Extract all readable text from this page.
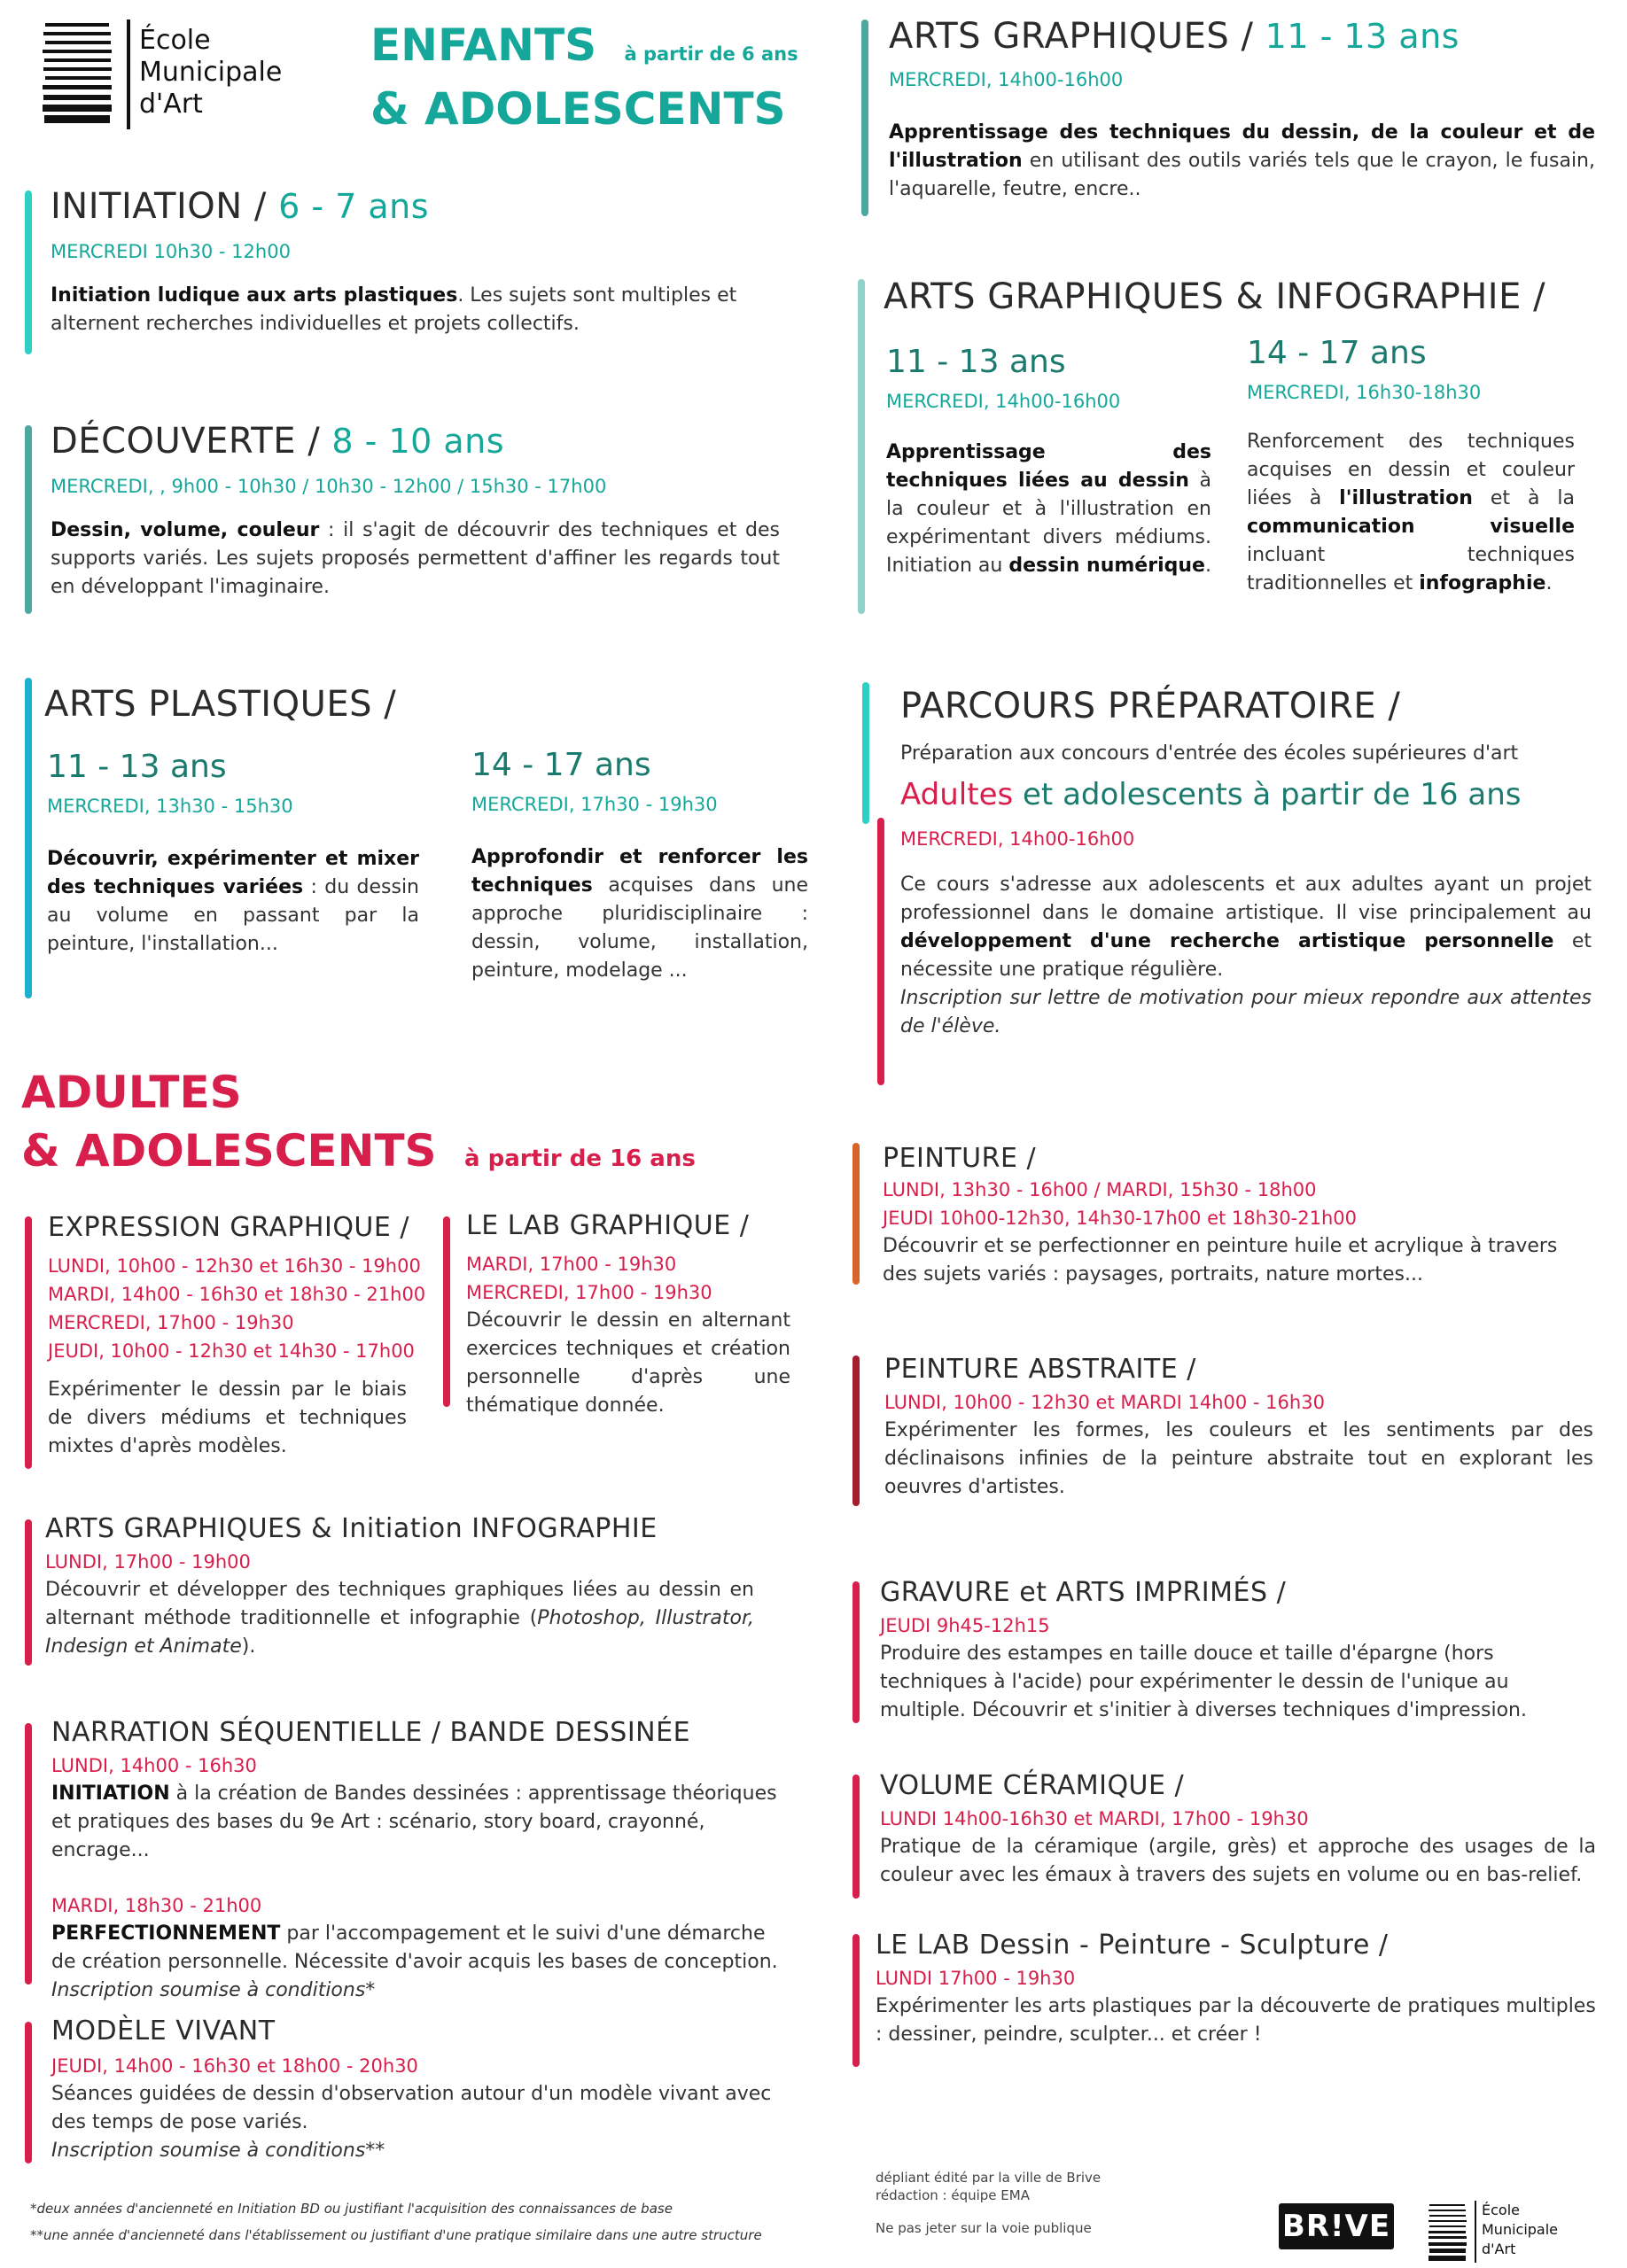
École
Municipale
d'Art
ENFANTS à partir de 6 ans
& ADOLESCENTS
INITIATION / 6 - 7 ans
MERCREDI 10h30 - 12h00
Initiation ludique aux arts plastiques. Les sujets sont multiples et alternent recherches individuelles et projets collectifs.
DÉCOUVERTE / 8 - 10 ans
MERCREDI, , 9h00 - 10h30 / 10h30 - 12h00 / 15h30 - 17h00
Dessin, volume, couleur : il s'agit de découvrir des techniques et des supports variés. Les sujets proposés permettent d'affiner les regards tout en développant l'imaginaire.
ARTS GRAPHIQUES / 11 - 13 ans
MERCREDI, 14h00-16h00
Apprentissage des techniques du dessin, de la couleur et de l'illustration en utilisant des outils variés tels que le crayon, le fusain, l'aquarelle, feutre, encre..
ARTS GRAPHIQUES & INFOGRAPHIE /
11 - 13 ans
MERCREDI, 14h00-16h00
Apprentissage des techniques liées au dessin à la couleur et à l'illustration en expérimentant divers médiums. Initiation au dessin numérique.
14 - 17 ans
MERCREDI, 16h30-18h30
Renforcement des techniques acquises en dessin et couleur liées à l'illustration et à la communication visuelle incluant techniques traditionnelles et infographie.
ARTS PLASTIQUES /
11 - 13 ans
MERCREDI, 13h30 - 15h30
Découvrir, expérimenter et mixer des techniques variées : du dessin au volume en passant par la peinture, l'installation...
14 - 17 ans
MERCREDI, 17h30 - 19h30
Approfondir et renforcer les techniques acquises dans une approche pluridisciplinaire : dessin, volume, installation, peinture, modelage ...
PARCOURS PRÉPARATOIRE /
Préparation aux concours d'entrée des écoles supérieures d'art
Adultes et adolescents à partir de 16 ans
MERCREDI, 14h00-16h00
Ce cours s'adresse aux adolescents et aux adultes ayant un projet professionnel dans le domaine artistique. Il vise principalement au développement d'une recherche artistique personnelle et nécessite une pratique régulière.
Inscription sur lettre de motivation pour mieux repondre aux attentes de l'élève.
ADULTES
& ADOLESCENTS à partir de 16 ans
EXPRESSION GRAPHIQUE /
LUNDI, 10h00 - 12h30 et 16h30 - 19h00
MARDI, 14h00 - 16h30 et 18h30 - 21h00
MERCREDI, 17h00 - 19h30
JEUDI, 10h00 - 12h30 et 14h30 - 17h00
Expérimenter le dessin par le biais de divers médiums et techniques mixtes d'après modèles.
LE LAB GRAPHIQUE /
MARDI, 17h00 - 19h30
MERCREDI, 17h00 - 19h30
Découvrir le dessin en alternant exercices techniques et création personnelle d'après une thématique donnée.
ARTS GRAPHIQUES & Initiation INFOGRAPHIE
LUNDI, 17h00 - 19h00
Découvrir et développer des techniques graphiques liées au dessin en alternant méthode traditionnelle et infographie (Photoshop, Illustrator, Indesign et Animate).
NARRATION SÉQUENTIELLE / BANDE DESSINÉE
LUNDI, 14h00 - 16h30
INITIATION à la création de Bandes dessinées : apprentissage théoriques et pratiques des bases du 9e Art : scénario, story board, crayonné, encrage...
MARDI, 18h30 - 21h00
PERFECTIONNEMENT par l'accompagement et le suivi d'une démarche de création personnelle. Nécessite d'avoir acquis les bases de conception.
Inscription soumise à conditions*
MODÈLE VIVANT
JEUDI, 14h00 - 16h30 et 18h00 - 20h30
Séances guidées de dessin d'observation autour d'un modèle vivant avec des temps de pose variés.
Inscription soumise à conditions**
*deux années d'ancienneté en Initiation BD ou justifiant l'acquisition des connaissances de base
**une année d'ancienneté dans l'établissement ou justifiant d'une pratique similaire dans une autre structure
PEINTURE /
LUNDI, 13h30 - 16h00 / MARDI, 15h30 - 18h00
JEUDI 10h00-12h30, 14h30-17h00 et 18h30-21h00
Découvrir et se perfectionner en peinture huile et acrylique à travers des sujets variés : paysages, portraits, nature mortes...
PEINTURE ABSTRAITE /
LUNDI, 10h00 - 12h30 et MARDI 14h00 - 16h30
Expérimenter les formes, les couleurs et les sentiments par des déclinaisons infinies de la peinture abstraite tout en explorant les oeuvres d'artistes.
GRAVURE et ARTS IMPRIMÉS /
JEUDI 9h45-12h15
Produire des estampes en taille douce et taille d'épargne (hors techniques à l'acide) pour expérimenter le dessin de l'unique au multiple. Découvrir et s'initier à diverses techniques d'impression.
VOLUME CÉRAMIQUE /
LUNDI 14h00-16h30 et MARDI, 17h00 - 19h30
Pratique de la céramique (argile, grès) et approche des usages de la couleur avec les émaux à travers des sujets en volume ou en bas-relief.
LE LAB Dessin - Peinture - Sculpture /
LUNDI 17h00 - 19h30
Expérimenter les arts plastiques par la découverte de pratiques multiples : dessiner, peindre, sculpter... et créer !
dépliant édité par la ville de Brive
rédaction : équipe EMA
Ne pas jeter sur la voie publique	BR!VE	École
Municipale
d'Art
